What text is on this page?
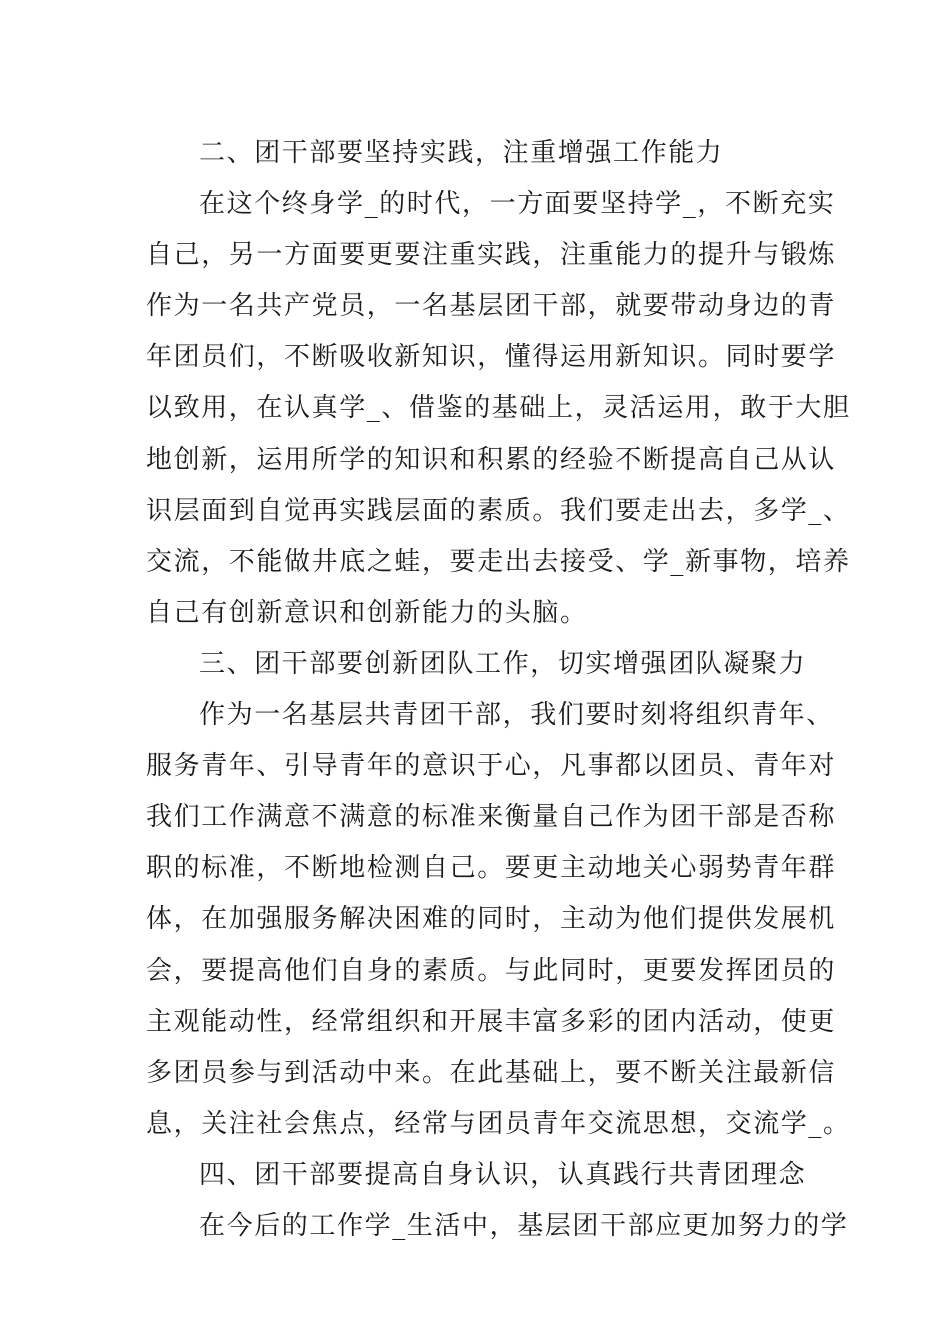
二、团干部要坚持实践，注重增强工作能力

在这个终身学_的时代，一方面要坚持学_，不断充实

自己，另一方面要更要注重实践，注重能力的提升与锻炼

作为一名共产党员，一名基层团干部，就要带动身边的青

年团员们，不断吸收新知识，懂得运用新知识。同时要学

以致用，在认真学_、借鉴的基础上，灵活运用，敢于大胆

地创新，运用所学的知识和积累的经验不断提高自己从认

识层面到自觉再实践层面的素质。我们要走出去，多学_、

交流，不能做井底之蛙，要走出去接受、学_新事物，培养

自己有创新意识和创新能力的头脑。

三、团干部要创新团队工作，切实增强团队凝聚力

作为一名基层共青团干部，我们要时刻将组织青年、

服务青年、引导青年的意识于心，凡事都以团员、青年对

我们工作满意不满意的标准来衡量自己作为团干部是否称

职的标准，不断地检测自己。要更主动地关心弱势青年群

体，在加强服务解决困难的同时，主动为他们提供发展机

会，要提高他们自身的素质。与此同时，更要发挥团员的

主观能动性，经常组织和开展丰富多彩的团内活动，使更

多团员参与到活动中来。在此基础上，要不断关注最新信

息，关注社会焦点，经常与团员青年交流思想，交流学_。

四、团干部要提高自身认识，认真践行共青团理念

在今后的工作学_生活中，基层团干部应更加努力的学
